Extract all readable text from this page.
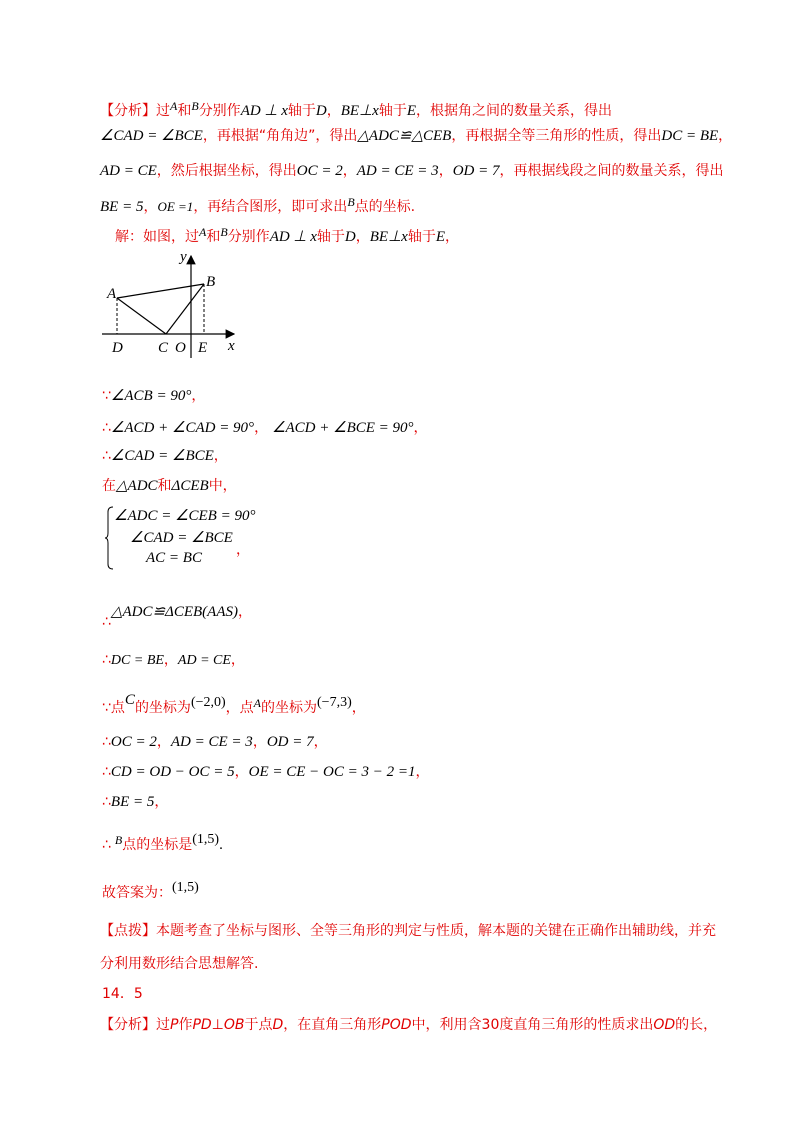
【分析】过A和B分别作AD ⊥ x轴于D，BE⊥x轴于E，根据角之间的数量关系，得出
∠CAD = ∠BCE，再根据“角角边”，得出△ADC≌△CEB，再根据全等三角形的性质，得出DC = BE，
AD = CE，然后根据坐标，得出OC = 2，AD = CE = 3，OD = 7，再根据线段之间的数量关系，得出
BE = 5，OE =1，再结合图形，即可求出B点的坐标.
解：如图，过A和B分别作AD ⊥ x轴于D，BE⊥x轴于E，
A
B
D C O E x
y
∵∠ACB = 90°，
∴∠ACD + ∠CAD = 90°， ∠ACD + ∠BCE = 90°，
∴∠CAD = ∠BCE，
在△ADC和ΔCEB中，
∠ADC = ∠CEB = 90°
∠CAD = ∠BCE
AC = BC ，
∴△ADC≌ΔCEB(AAS)，
∴DC = BE，AD = CE，
∵点C的坐标为(−2,0)，点A的坐标为(−7,3)，
∴OC = 2，AD = CE = 3，OD = 7，
∴CD = OD − OC = 5，OE = CE − OC = 3 − 2 =1，
∴BE = 5，
∴ B点的坐标是(1,5).
故答案为：(1,5)
【点拨】本题考查了坐标与图形、全等三角形的判定与性质，解本题的关键在正确作出辅助线，并充
分利用数形结合思想解答.
14．5
【分析】过P作PD⊥OB于点D，在直角三角形POD中，利用含30度直角三角形的性质求出OD的长，
